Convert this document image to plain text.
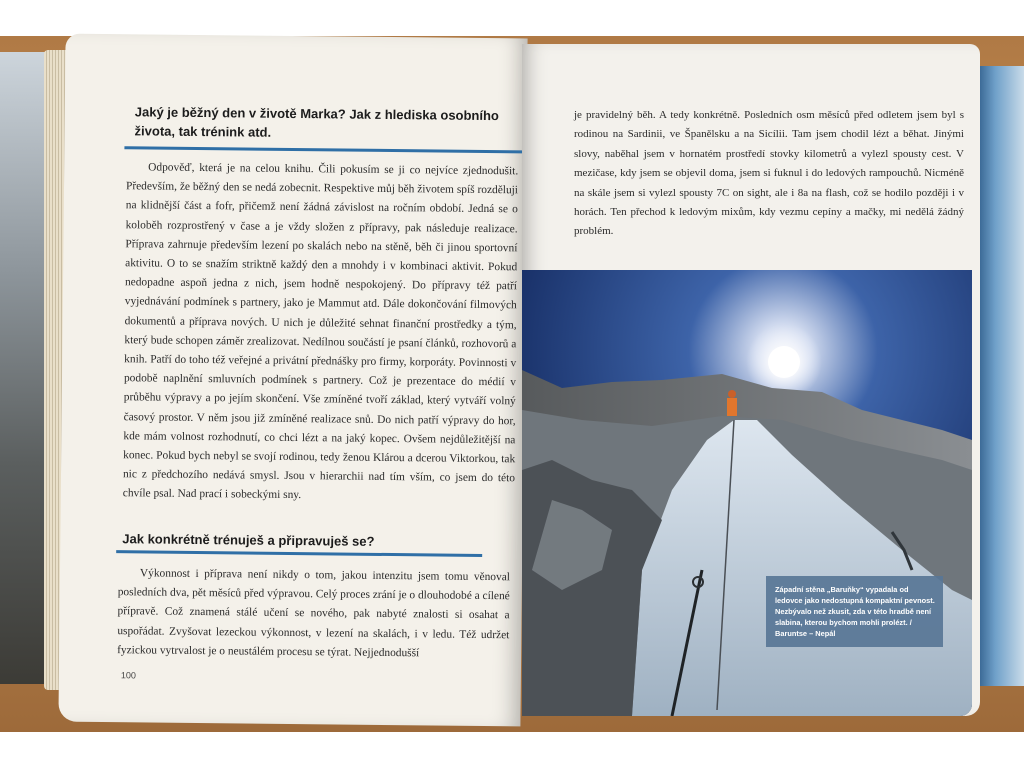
Jaký je běžný den v životě Marka? Jak z hlediska osobního života, tak trénink atd.

Odpověď, která je na celou knihu. Čili pokusím se ji co nejvíce zjednodušit. Především, že běžný den se nedá zobecnit. Respektive můj běh životem spíš rozděluji na klidnější část a fofr, přičemž není žádná závislost na ročním období. Jedná se o koloběh rozprostřený v čase a je vždy složen z přípravy, pak následuje realizace. Příprava zahrnuje především lezení po skalách nebo na stěně, běh či jinou sportovní aktivitu. O to se snažím striktně každý den a mnohdy i v kombinaci aktivit. Pokud nedopadne aspoň jedna z nich, jsem hodně nespokojený. Do přípravy též patří vyjednávání podmínek s partnery, jako je Mammut atd. Dále dokončování filmových dokumentů a příprava nových. U nich je důležité sehnat finanční prostředky a tým, který bude schopen záměr zrealizovat. Nedílnou součástí je psaní článků, rozhovorů a knih. Patří do toho též veřejné a privátní přednášky pro firmy, korporáty. Povinnosti v podobě naplnění smluvních podmínek s partnery. Což je prezentace do médií v průběhu výpravy a po jejím skončení. Vše zmíněné tvoří základ, který vytváří volný časový prostor. V něm jsou již zmíněné realizace snů. Do nich patří výpravy do hor, kde mám volnost rozhodnutí, co chci lézt a na jaký kopec. Ovšem nejdůležitější na konec. Pokud bych nebyl se svojí rodinou, tedy ženou Klárou a dcerou Viktorkou, tak nic z předchozího nedává smysl. Jsou v hierarchii nad tím vším, co jsem do této chvíle psal. Nad prací i sobeckými sny.

Jak konkrétně trénuješ a připravuješ se?

Výkonnost i příprava není nikdy o tom, jakou intenzitu jsem tomu věnoval posledních dva, pět měsíců před výpravou. Celý proces zrání je o dlouhodobé a cílené přípravě. Což znamená stálé učení se nového, pak nabyté znalosti si osahat a uspořádat. Zvyšovat lezeckou výkonnost, v lezení na skalách, i v ledu. Též udržet fyzickou vytrvalost je o neustálém procesu se týrat. Nejjednodušší

100

je pravidelný běh. A tedy konkrétně. Posledních osm měsíců před odletem jsem byl s rodinou na Sardinii, ve Španělsku a na Sicílii. Tam jsem chodil lézt a běhat. Jinými slovy, naběhal jsem v hornatém prostředí stovky kilometrů a vylezl spousty cest. V mezičase, kdy jsem se objevil doma, jsem si fuknul i do ledových rampouchů. Nicméně na skále jsem si vylezl spousty 7C on sight, ale i 8a na flash, což se hodilo později i v horách. Ten přechod k ledovým mixům, kdy vezmu cepíny a mačky, mi nedělá žádný problém.

Západní stěna „Baruňky“ vypadala od ledovce jako nedostupná kompaktní pevnost. Nezbývalo než zkusit, zda v této hradbě není slabina, kterou bychom mohli prolézt. / Baruntse – Nepál
